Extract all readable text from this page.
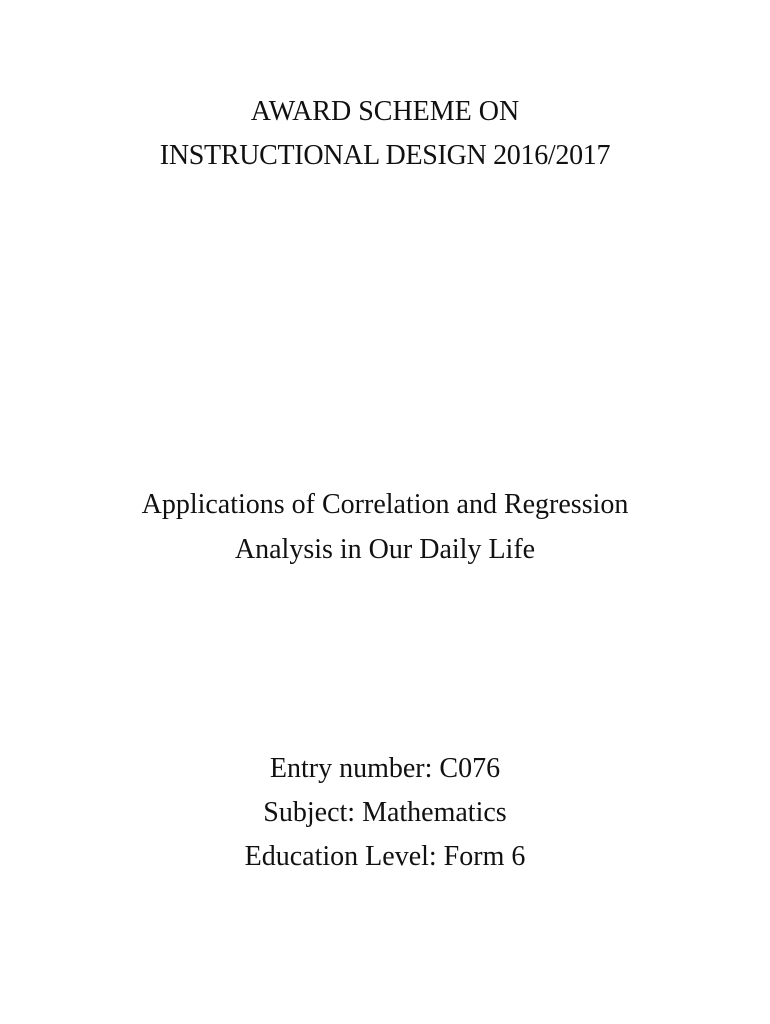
AWARD SCHEME ON
INSTRUCTIONAL DESIGN 2016/2017
Applications of Correlation and Regression
Analysis in Our Daily Life
Entry number: C076
Subject: Mathematics
Education Level: Form 6
